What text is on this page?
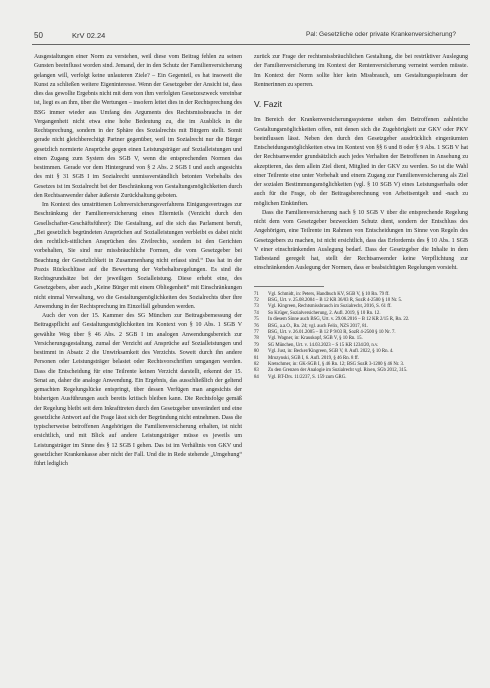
50	KrV 02.24	Pal: Gesetzliche oder private Krankenversicherung?

Ausgestaltungen einer Norm zu verstehen, weil diese vom Beitrag fehlen zu seinen Gunsten beeinflusst worden sind. Jemand, der in den Schutz der Familienversicherung gelangen will, verfolgt keine unlauteren Ziele? – Ein Gegenteil, es hat insoweit die Kunst zu schließen weitere Eigeninteresse. Wenn der Gesetzgeber der Ansicht ist, dass dies das gewollte Ergebnis nicht mit dem von ihm verfolgten Gesetzeszweck vereinbar ist, liegt es an ihm, über die Wertungen – insofern leitet dies in der Rechtsprechung des BSG immer wieder aus Umfang des Arguments des Rechtsmissbrauchs in der Vergangenheit nicht etwa eine hohe Bedeutung zu, die im Ausblick in die Rechtsprechung, sondern in der Sphäre des Sozialrechts mit Bürgern stellt. Somit gerade nicht gleichberechtigt Partner gegenüber, weil im Sozialrecht nur die Bürger gesetzlich normierte Ansprüche gegen einen Leistungsträger auf Sozialleistungen und einen Zugang zum System des SGB V, wenn die entsprechenden Normen das bestimmen. Gerade vor dem Hintergrund von § 2 Abs. 2 SGB I und auch angesichts des mit § 31 SGB I im Sozialrecht unmissverständlich betonten Vorbehalts des Gesetzes ist im Sozialrecht bei der Beschränkung von Gestaltungsmöglichkeiten durch den Rechtsanwender daher äußerste Zurückhaltung geboten.

Im Kontext des umstrittenen Lohnversicherungsverfahrens Einigungsvertrages zur Beschränkung der Familienversicherung eines Elternteils (Verzicht durch den Gesellschafter-Geschäftsführer): Die Gestaltung, auf die sich das Parlament beruft, „Bei gesetzlich begründeten Ansprüchen auf Sozialleistungen verbleibt es dabei nicht den rechtlich-sittlichen Ansprüchen des Zivilrechts, sondern ist den Gerichten vorbehalten, Sie sind nur missbräuchliche Formen, die vom Gesetzgeber bei Beachtung der Gesetzlichkeit in Zusammenhang nicht erfasst sind.“ Das hat in der Praxis Rückschlüsse auf die Bewertung der Vorbehaltsregelungen. Es sind die Rechtsgrundsätze bei der jeweiligen Sozialleistung. Diese erhebt eine, des Gesetzgebers, aber auch „Keine Bürger mit einem Obliegenheit“ mit Einschränkungen nicht einmal Verwaltung, wo die Gestaltungsmöglichkeiten des Sozialrechts über ihre Anwendung in der Rechtsprechung im Einzelfall gebunden werden.

Auch der von der 15. Kammer des SG München zur Beitragsbemessung der Beitragspflicht auf Gestaltungsmöglichkeiten im Kontext von § 10 Abs. 1 SGB V gewählte Weg über § 46 Abs. 2 SGB I im analogen Anwendungsbereich zur Versicherungsgestaltung, zumal der Verzicht auf Ansprüche auf Sozialleistungen und bestimmt in Absatz 2 die Unwirksamkeit des Verzichts. Soweit durch ihn andere Personen oder Leistungsträger belastet oder Rechtsvorschriften umgangen werden. Dass die Entscheidung für eine Teilrente keinen Verzicht darstellt, erkennt der 15. Senat an, daher die analoge Anwendung. Ein Ergebnis, das ausschließlich der geltend gemachten Regelungslücke entspringt, über dessen Verfügen man angesichts der bisherigen Ausführungen auch bereits kritisch bleiben kann. Die Rechtsfolge gemäß der Regelung bleibt seit dem Inkrafttreten durch den Gesetzgeber unverändert und eine gesetzliche Antwort auf die Frage lässt sich der Begründung nicht entnehmen. Dass die typischerweise betroffenen Angehörigen die Familienversicherung erhalten, ist nicht ersichtlich, und mit Blick auf andere Leistungsträger müsse es jeweils um Leistungsträger im Sinne des § 12 SGB I gehen. Das ist im Verhältnis von GKV und gesetzlicher Krankenkasse aber nicht der Fall. Und die in Rede stehende „Umgehung“ führt lediglich

zurück zur Frage der rechtsmissbräuchlichen Gestaltung, die bei restriktiver Auslegung der Familienversicherung im Kontext der Rentenversicherung verneint werden müsste. Im Kontext der Norm sollte hier kein Missbrauch, um Gestaltungsspielraum der Rentnerinnen zu sperren.

V. Fazit

Im Bereich der Krankenversicherungssysteme stehen den Betroffenen zahlreiche Gestaltungsmöglichkeiten offen, mit denen sich die Zugehörigkeit zur GKV oder PKV beeinflussen lässt. Neben den durch den Gesetzgeber ausdrücklich eingeräumten Entscheidungsmöglichkeiten etwa im Kontext von §§ 6 und 8 oder § 9 Abs. 1 SGB V hat der Rechtsanwender grundsätzlich auch jedes Verhalten der Betroffenen in Ansehung zu akzeptieren, das dem allein Ziel dient, Mitglied in der GKV zu werden. So ist die Wahl einer Teilrente eine unter Vorbehalt und einem Zugang zur Familienversicherung als Ziel der sozialen Bestimmungsmöglichkeiten (vgl. § 10 SGB V) eines Leistungserhalts oder auch für die Frage, ob der Beitragsberechnung von Arbeitsentgelt und -nach zu möglichen Einkünften.

Dass die Familienversicherung nach § 10 SGB V über die entsprechende Regelung nicht dem vom Gesetzgeber bezweckten Schutz dient, sondern der Entschluss des Angehörigen, eine Teilrente im Rahmen von Entscheidungen im Sinne von Regeln des Gesetzgebers zu machen, ist nicht ersichtlich, dass das Erfordernis des § 10 Abs. 1 SGB V einer einschränkenden Auslegung bedarf. Dass der Gesetzgeber die Inhalte in dem Tatbestand geregelt hat, stellt der Rechtsanwender keine Verpflichtung zur einschränkenden Auslegung der Normen, dass er beabsichtigten Regelungen vorsieht.

71	Vgl. Schmidt, in: Peters, Handbuch KV, SGB V, § 10 Rn. 79 ff.
72	BSG, Urt. v. 25.08.2004 – B 12 KR 36/03 R, SozR 4-2500 § 10 Nr. 5.
73	Vgl. Kingreen, Rechtsmissbrauch im Sozialrecht, 2016, S. 61 ff.
74	So Krüger, Sozialversicherung, 2. Aufl. 2019, § 10 Rn. 12.
75	In diesem Sinne auch BSG, Urt. v. 29.06.2016 – B 12 KR 2/15 R, Rn. 22.
76	BSG, a.a.O., Rn. 24; vgl. auch Felix, NZS 2017, 81.
77	BSG, Urt. v. 26.01.2005 – B 12 P 9/03 R, SozR 4-2500 § 10 Nr. 7.
78	Vgl. Wagner, in: Krauskopf, SGB V, § 10 Rn. 15.
79	SG München, Urt. v. 14.03.2023 – S 15 KR 1234/20, n.v.
80	Vgl. Just, in: Becker/Kingreen, SGB V, 8. Aufl. 2022, § 10 Rn. 4.
81	Mrozynski, SGB I, 6. Aufl. 2019, § 46 Rn. 8 ff.
82	Kretschmer, in: GK-SGB I, § 46 Rn. 12; BSG SozR 3-1200 § 46 Nr. 3.
83	Zu den Grenzen der Analogie im Sozialrecht vgl. Rixen, SGb 2012, 315.
84	Vgl. BT-Drs. 11/2237, S. 159 zum GRG.
